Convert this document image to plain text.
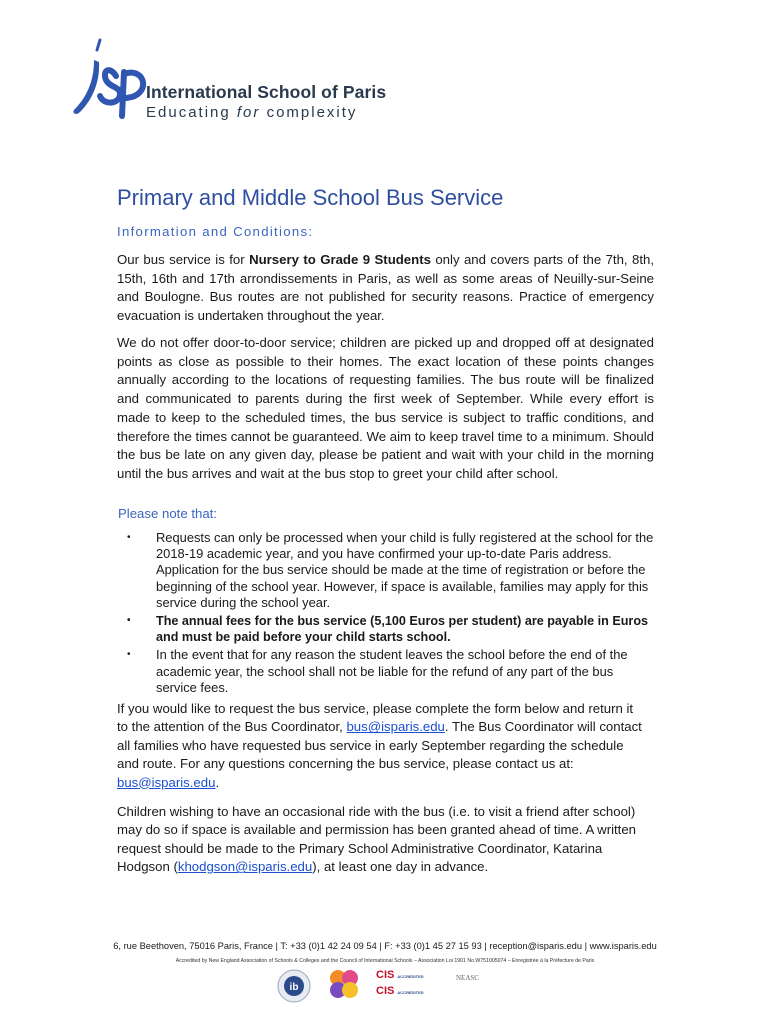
International School of Paris
Educating for complexity
Primary and Middle School Bus Service
Information and Conditions:

Our bus service is for Nursery to Grade 9 Students only and covers parts of the 7th, 8th, 15th, 16th and 17th arrondissements in Paris, as well as some areas of Neuilly-sur-Seine and Boulogne. Bus routes are not published for security reasons. Practice of emergency evacuation is undertaken throughout the year.

We do not offer door-to-door service; children are picked up and dropped off at designated points as close as possible to their homes. The exact location of these points changes annually according to the locations of requesting families. The bus route will be finalized and communicated to parents during the first week of September. While every effort is made to keep to the scheduled times, the bus service is subject to traffic conditions, and therefore the times cannot be guaranteed. We aim to keep travel time to a minimum. Should the bus be late on any given day, please be patient and wait with your child in the morning until the bus arrives and wait at the bus stop to greet your child after school.

Please note that:
• Requests can only be processed when your child is fully registered at the school for the 2018-19 academic year, and you have confirmed your up-to-date Paris address. Application for the bus service should be made at the time of registration or before the beginning of the school year. However, if space is available, families may apply for this service during the school year.
• The annual fees for the bus service (5,100 Euros per student) are payable in Euros and must be paid before your child starts school.
• In the event that for any reason the student leaves the school before the end of the academic year, the school shall not be liable for the refund of any part of the bus service fees.

If you would like to request the bus service, please complete the form below and return it to the attention of the Bus Coordinator, bus@isparis.edu. The Bus Coordinator will contact all families who have requested bus service in early September regarding the schedule and route. For any questions concerning the bus service, please contact us at: bus@isparis.edu.

Children wishing to have an occasional ride with the bus (i.e. to visit a friend after school) may do so if space is available and permission has been granted ahead of time. A written request should be made to the Primary School Administrative Coordinator, Katarina Hodgson (khodgson@isparis.edu), at least one day in advance.

6, rue Beethoven, 75016 Paris, France | T: +33 (0)1 42 24 09 54 | F: +33 (0)1 45 27 15 93 | reception@isparis.edu | www.isparis.edu
Accredited by New England Association of Schools & Colleges and the Council of International Schools – Association Loi 1901 No.W751005074 – Enregistrée à la Préfecture de Paris
ib
CIS ACCREDITED
CIS ACCREDITED
NEASC
